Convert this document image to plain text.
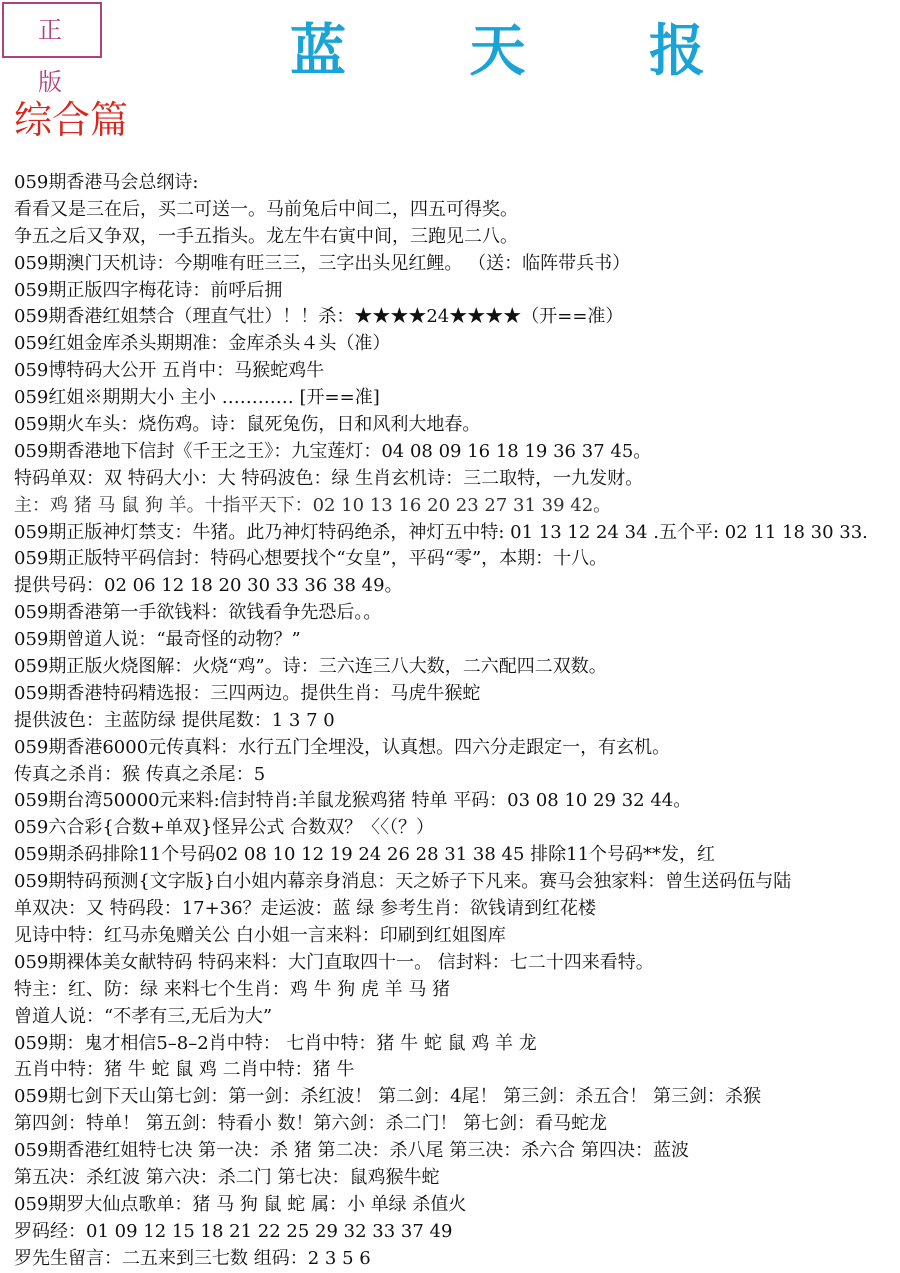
正 版	蓝 天 报
综合篇
059期香港马会总纲诗:
看看又是三在后，买二可送一。马前兔后中间二，四五可得奖。
争五之后又争双，一手五指头。龙左牛右寅中间，三跑见二八。
059期澳门天机诗：今期唯有旺三三，三字出头见红鲤。 （送：临阵带兵书）
059期正版四字梅花诗：前呼后拥
059期香港红姐禁合（理直气壮）！！杀：★★★★24★★★★（开==准）
059红姐金库杀头期期准：金库杀头４头（准）
059博特码大公开 五肖中：马猴蛇鸡牛
059红姐※期期大小 主小 ………… [开==准]
059期火车头：烧伤鸡。诗：鼠死兔伤，日和风利大地春。
059期香港地下信封《千王之王》：九宝莲灯：04 08 09 16 18 19 36 37 45。
特码单双：双 特码大小：大 特码波色：绿 生肖玄机诗：三二取特，一九发财。
主：鸡 猪 马 鼠 狗 羊。十指平天下：02 10 13 16 20 23 27 31 39 42。
059期正版神灯禁支：牛猪。此乃神灯特码绝杀，神灯五中特: 01 13 12 24 34 .五个平: 02 11 18 30 33.
059期正版特平码信封：特码心想要找个“女皇”，平码“零”，本期：十八。
提供号码：02 06 12 18 20 30 33 36 38 49。
059期香港第一手欲钱料：欲钱看争先恐后。。
059期曾道人说：“最奇怪的动物？”
059期正版火烧图解：火烧“鸡”。诗：三六连三八大数，二六配四二双数。
059期香港特码精选报：三四两边。提供生肖：马虎牛猴蛇
提供波色：主蓝防绿 提供尾数：1 3 7 0
059期香港6000元传真料：水行五门全埋没，认真想。四六分走跟定一，有玄机。
传真之杀肖：猴 传真之杀尾：5
059期台湾50000元来料:信封特肖:羊鼠龙猴鸡猪 特单 平码：03 08 10 29 32 44。
059六合彩{合数+单双}怪异公式 合数双？〈〈（？）
059期杀码排除11个号码02 08 10 12 19 24 26 28 31 38 45 排除11个号码**发，红
059期特码预测{文字版}白小姐内幕亲身消息：天之娇子下凡来。赛马会独家料：曾生送码伍与陆
单双决：又 特码段：17+36？走运波：蓝 绿 参考生肖：欲钱请到红花楼
见诗中特：红马赤兔赠关公 白小姐一言来料：印刷到红姐图库
059期裸体美女献特码 特码来料：大门直取四十一。 信封料：七二十四来看特。
特主：红、防：绿 来料七个生肖：鸡 牛 狗 虎 羊 马 猪
曾道人说：“不孝有三,无后为大”
059期：鬼才相信5–8–2肖中特： 七肖中特：猪 牛 蛇 鼠 鸡 羊 龙
五肖中特：猪 牛 蛇 鼠 鸡 二肖中特：猪 牛
059期七剑下天山第七剑：第一剑：杀红波！ 第二剑：4尾！ 第三剑：杀五合！ 第三剑：杀猴
第四剑：特单！ 第五剑：特看小 数！第六剑：杀二门！ 第七剑：看马蛇龙
059期香港红姐特七决 第一决：杀 猪 第二决：杀八尾 第三决：杀六合 第四决：蓝波
第五决：杀红波 第六决：杀二门 第七决：鼠鸡猴牛蛇
059期罗大仙点歌单：猪 马 狗 鼠 蛇 属：小 单绿 杀值火
罗码经：01 09 12 15 18 21 22 25 29 32 33 37 49
罗先生留言：二五来到三七数 组码：2 3 5 6
